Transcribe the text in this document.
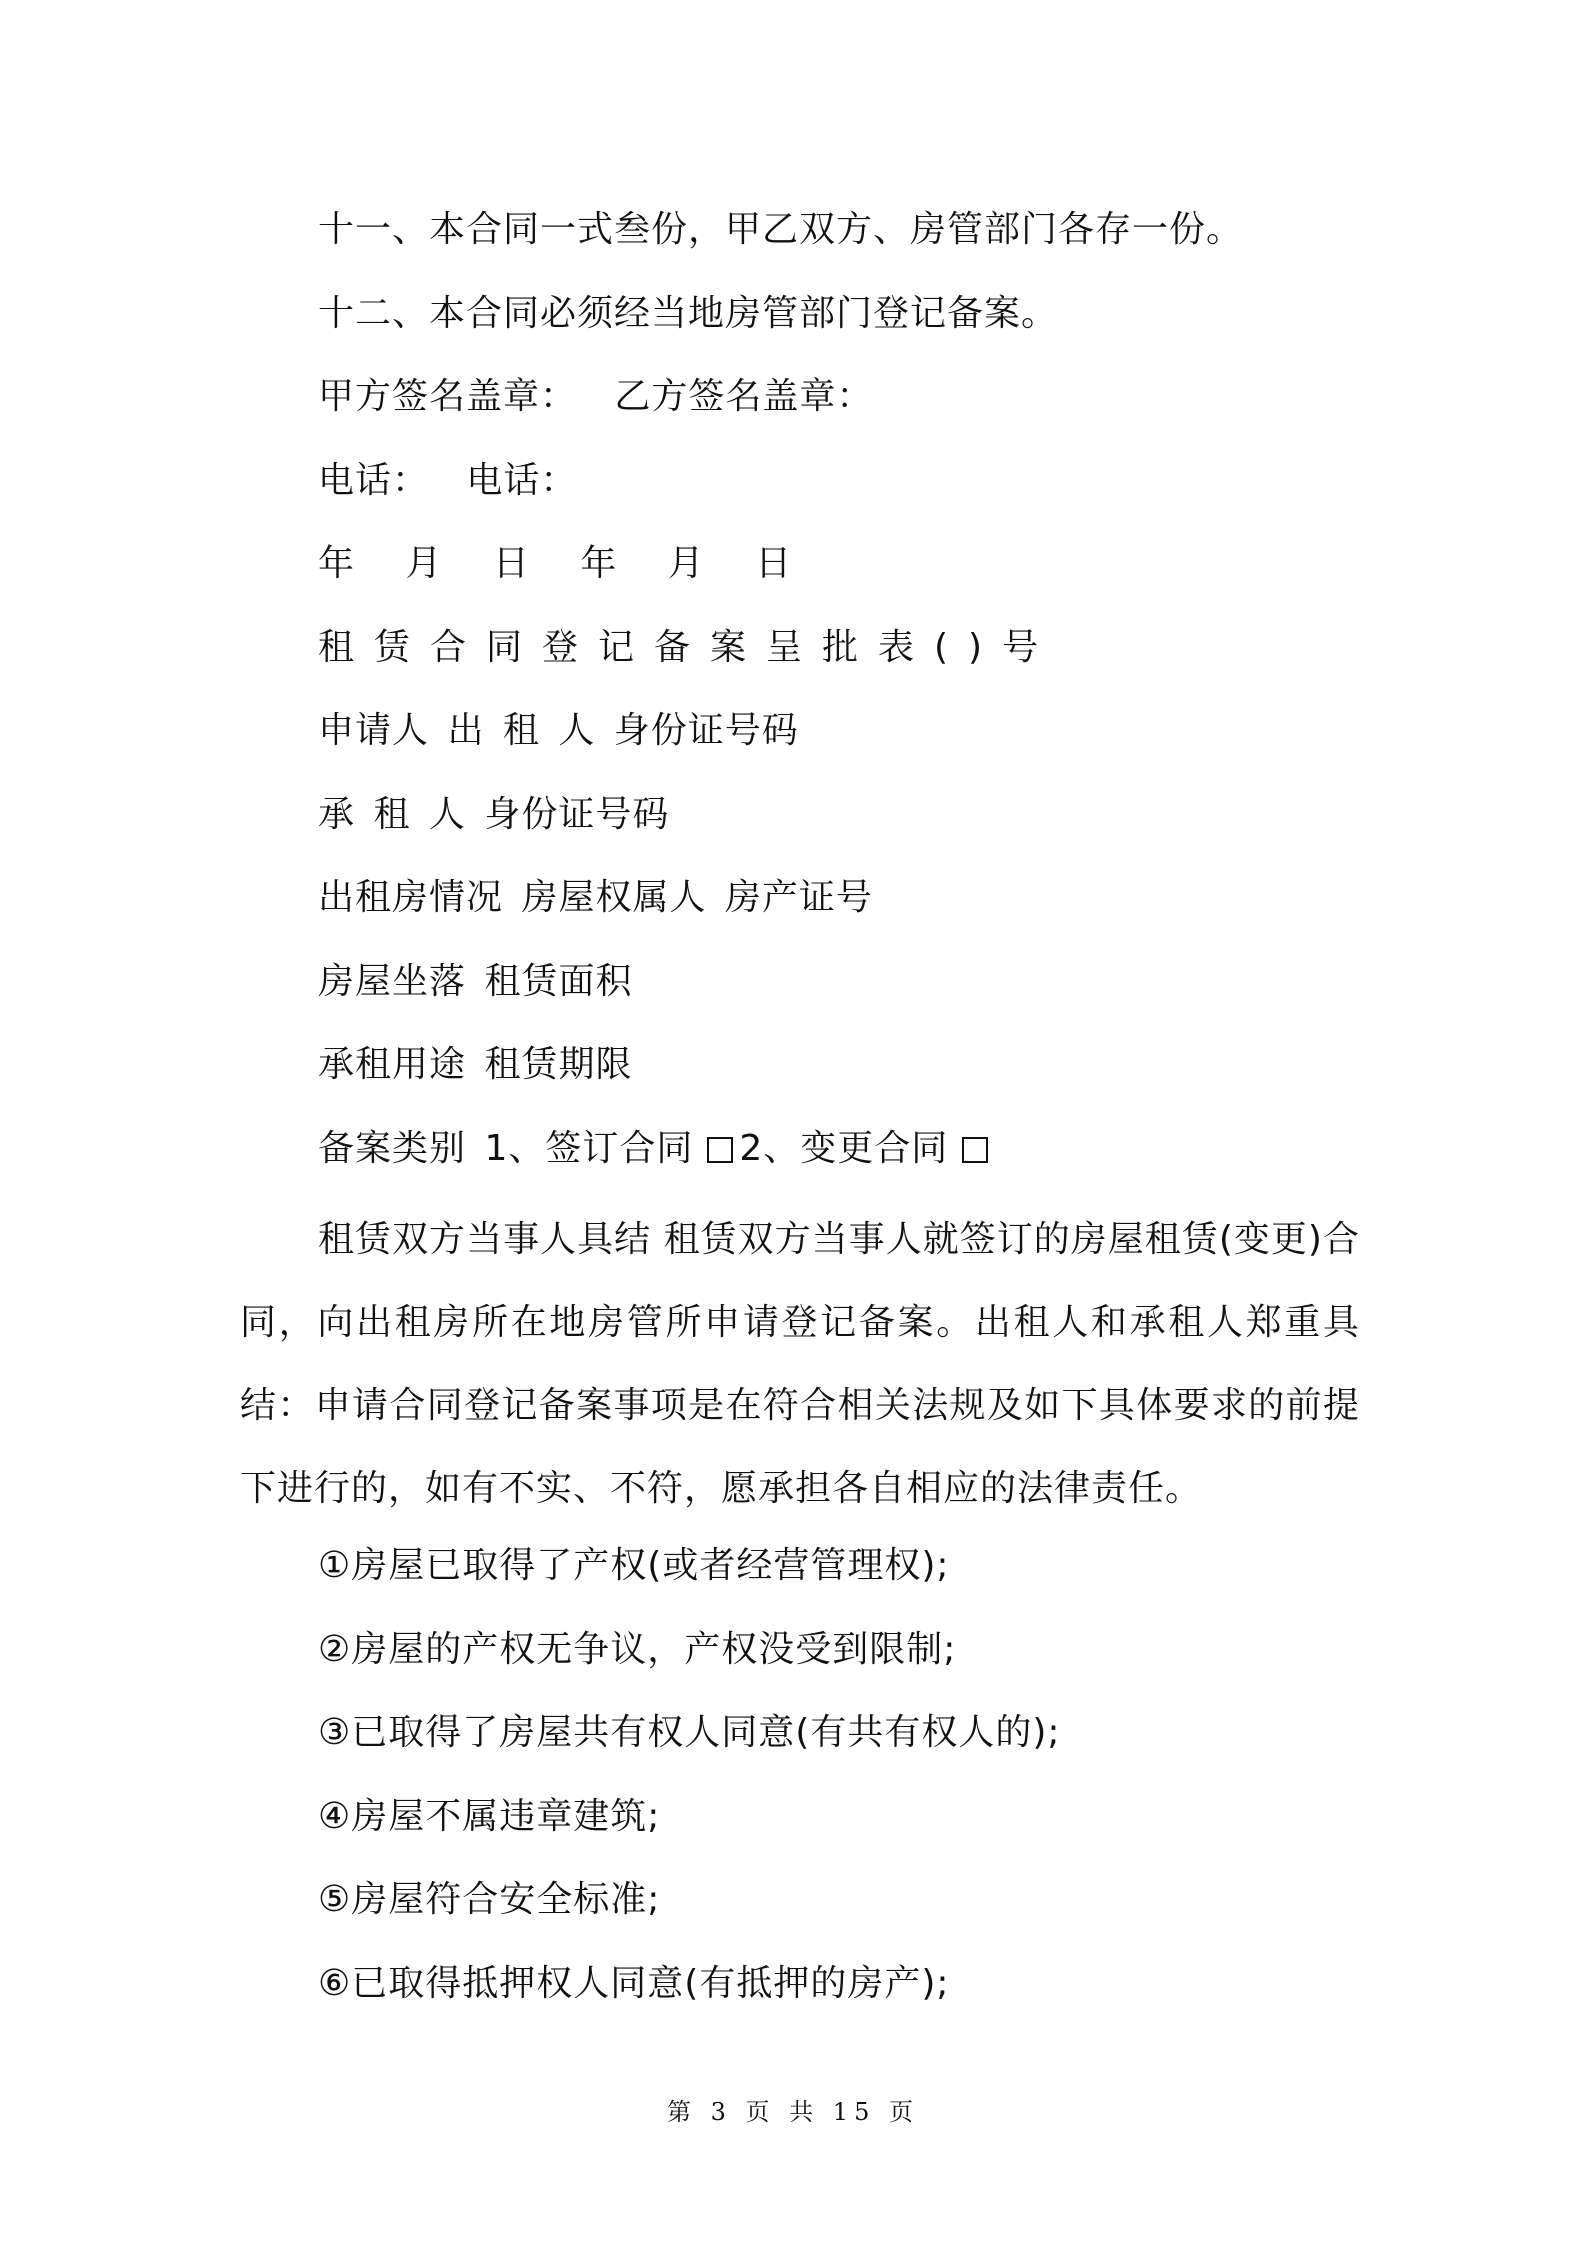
十一、本合同一式叁份，甲乙双方、房管部门各存一份。
十二、本合同必须经当地房管部门登记备案。
甲方签名盖章：   乙方签名盖章：
电话：   电话：
年 月 日 年 月 日
租赁合同登记备案呈批表()号
申请人 出 租 人 身份证号码
承 租 人 身份证号码
出租房情况 房屋权属人 房产证号
房屋坐落 租赁面积
承租用途 租赁期限
备案类别 1、签订合同 2、变更合同
租赁双方当事人具结 租赁双方当事人就签订的房屋租赁(变更)合同，向出租房所在地房管所申请登记备案。出租人和承租人郑重具结：申请合同登记备案事项是在符合相关法规及如下具体要求的前提下进行的，如有不实、不符，愿承担各自相应的法律责任。
①房屋已取得了产权(或者经营管理权);
②房屋的产权无争议，产权没受到限制;
③已取得了房屋共有权人同意(有共有权人的);
④房屋不属违章建筑;
⑤房屋符合安全标准;
⑥已取得抵押权人同意(有抵押的房产);
第 3 页 共 15 页
